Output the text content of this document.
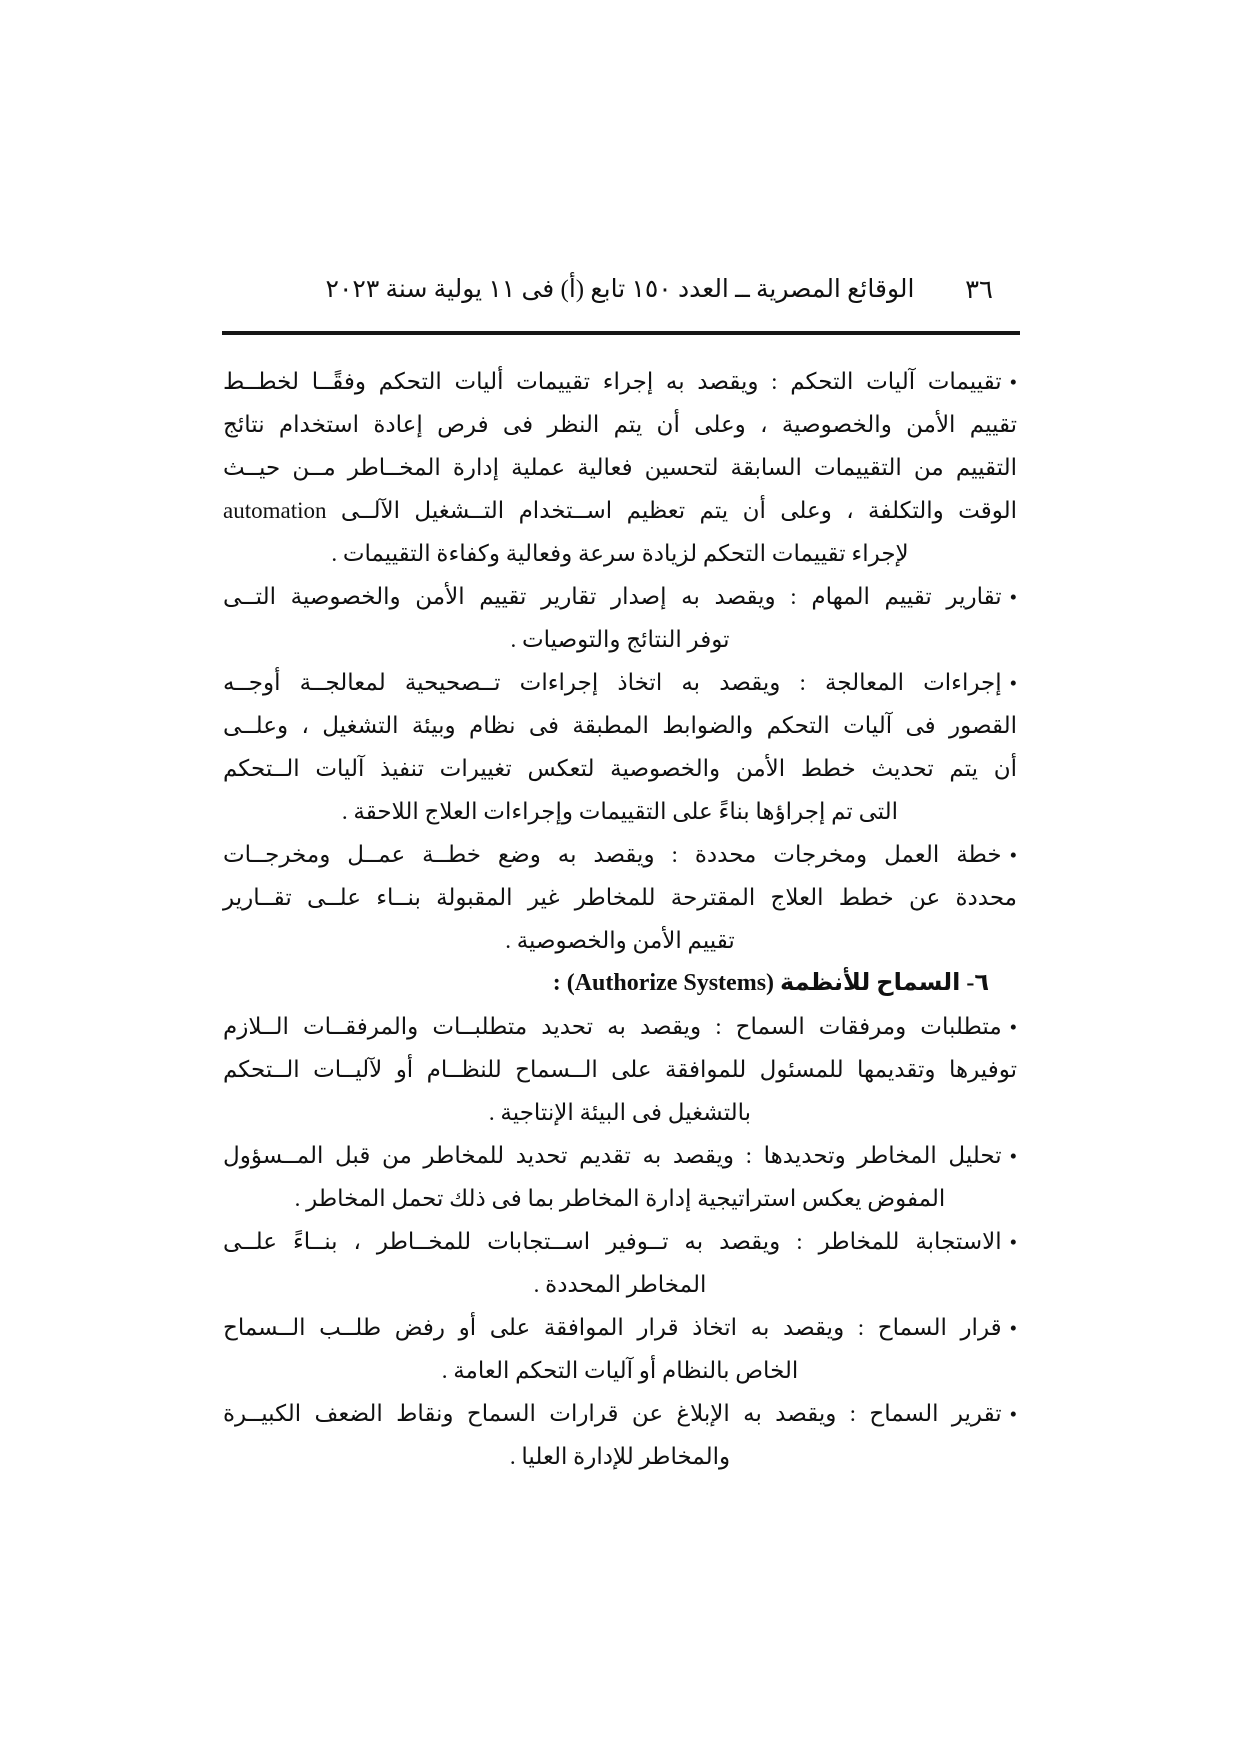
الوقائع المصرية ــ العدد ١٥٠ تابع (أ) فى ١١ يولية سنة ٢٠٢٣	٣٦
•تقييمات آليات التحكم : ويقصد به إجراء تقييمات أليات التحكم وفقًــا لخطــط
تقييم الأمن والخصوصية ، وعلى أن يتم النظر فى فرص إعادة استخدام نتائج
التقييم من التقييمات السابقة لتحسين فعالية عملية إدارة المخــاطر مــن حيــث
الوقت والتكلفة ، وعلى أن يتم تعظيم اســتخدام التــشغيل الآلــى automation
لإجراء تقييمات التحكم لزيادة سرعة وفعالية وكفاءة التقييمات .
•تقارير تقييم المهام : ويقصد به إصدار تقارير تقييم الأمن والخصوصية التــى
توفر النتائج والتوصيات .
•إجراءات المعالجة : ويقصد به اتخاذ إجراءات تــصحيحية لمعالجــة أوجــه
القصور فى آليات التحكم والضوابط المطبقة فى نظام وبيئة التشغيل ، وعلــى
أن يتم تحديث خطط الأمن والخصوصية لتعكس تغييرات تنفيذ آليات الــتحكم
التى تم إجراؤها بناءً على التقييمات وإجراءات العلاج اللاحقة .
•خطة العمل ومخرجات محددة : ويقصد به وضع خطــة عمــل ومخرجــات
محددة عن خطط العلاج المقترحة للمخاطر غير المقبولة بنــاء علــى تقــارير
تقييم الأمن والخصوصية .
٦- السماح للأنظمة (Authorize Systems) :
•متطلبات ومرفقات السماح : ويقصد به تحديد متطلبــات والمرفقــات الــلازم
توفيرها وتقديمها للمسئول للموافقة على الــسماح للنظــام أو لآليــات الــتحكم
بالتشغيل فى البيئة الإنتاجية .
•تحليل المخاطر وتحديدها : ويقصد به تقديم تحديد للمخاطر من قبل المــسؤول
المفوض يعكس استراتيجية إدارة المخاطر بما فى ذلك تحمل المخاطر .
•الاستجابة للمخاطر : ويقصد به تــوفير اســتجابات للمخــاطر ، بنــاءً علــى
المخاطر المحددة .
•قرار السماح : ويقصد به اتخاذ قرار الموافقة على أو رفض طلــب الــسماح
الخاص بالنظام أو آليات التحكم العامة .
•تقرير السماح : ويقصد به الإبلاغ عن قرارات السماح ونقاط الضعف الكبيــرة
والمخاطر للإدارة العليا .
